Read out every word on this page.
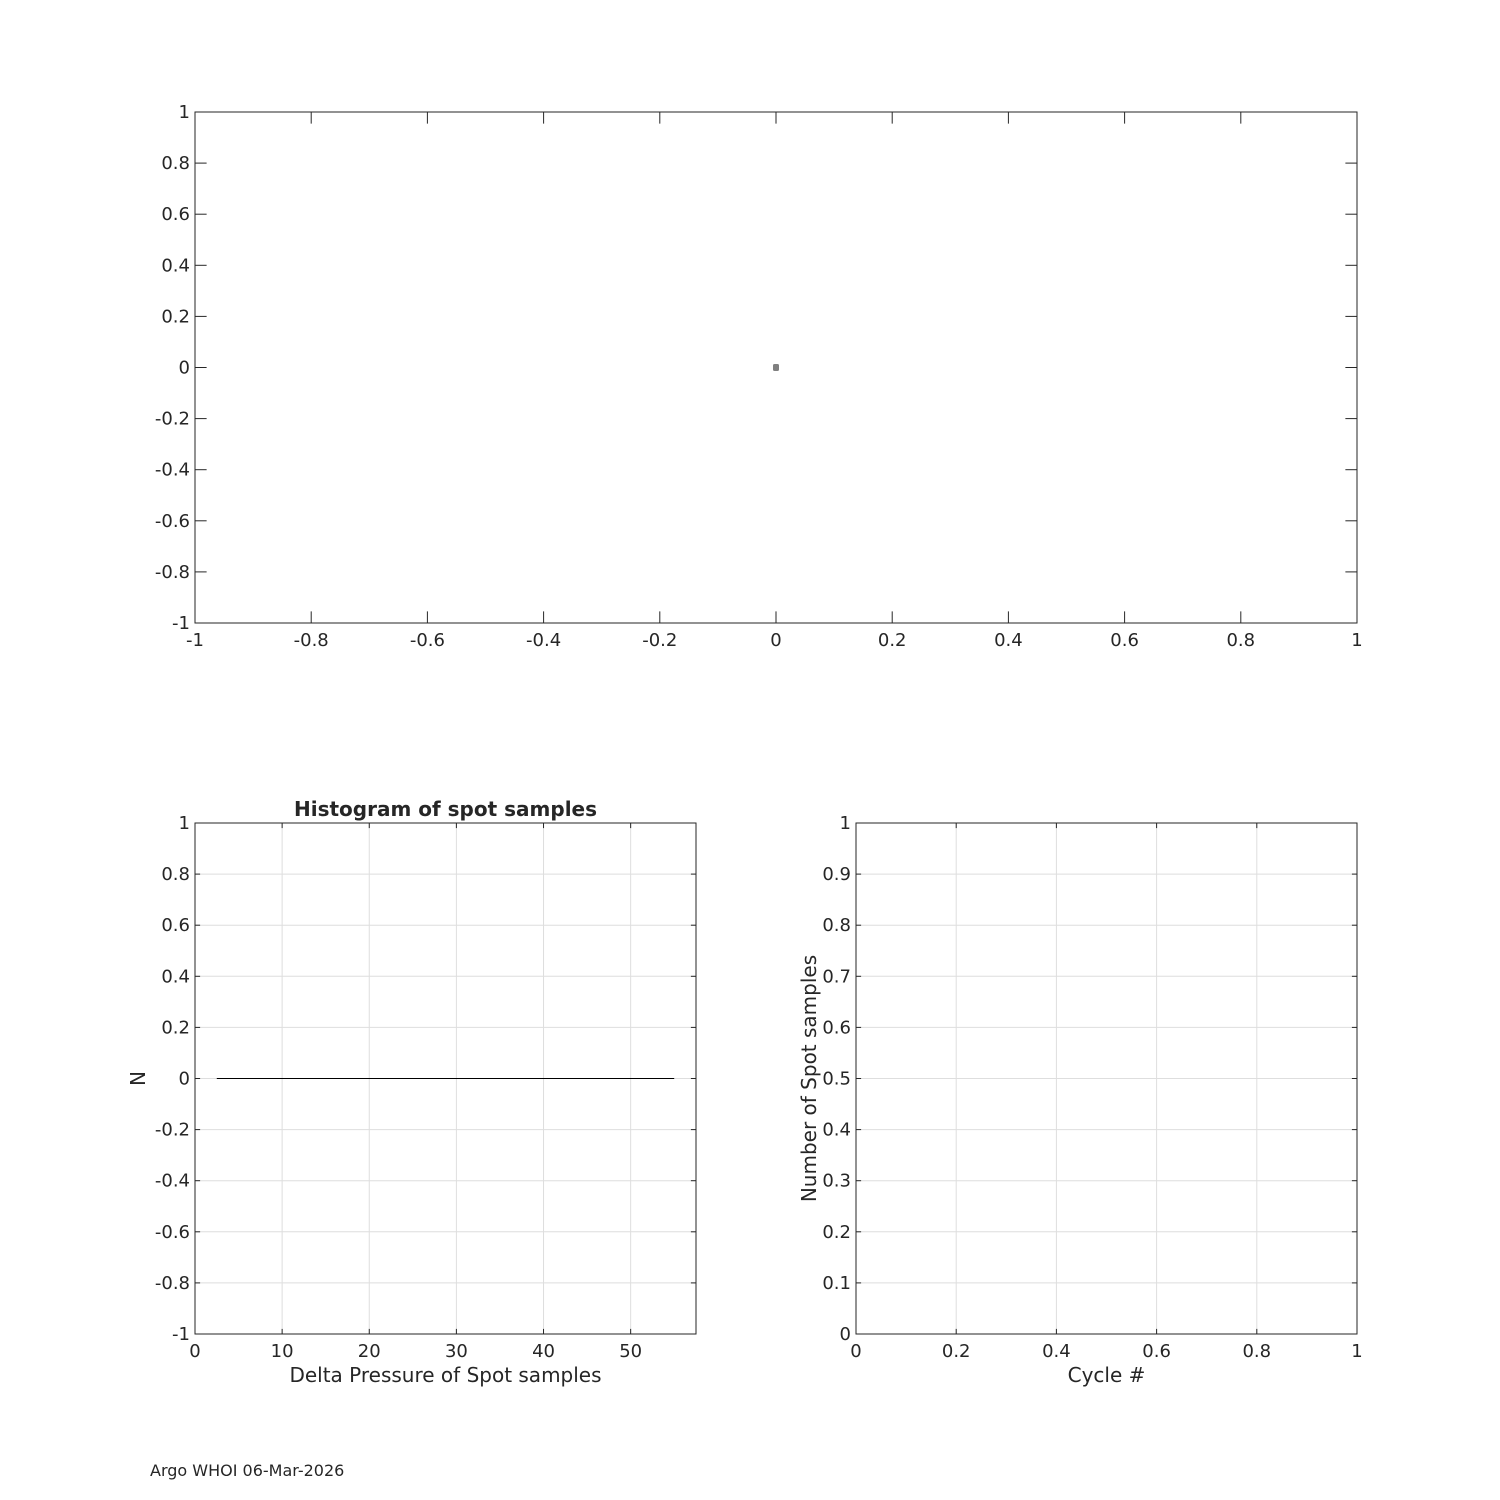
-1	-0.8	-0.6	-0.4	-0.2	0	0.2	0.4	0.6	0.8	1
-1
-0.8
-0.6
-0.4
-0.2
0
0.2
0.4
0.6
0.8
1
0	10	20	30	40	50
-1
-0.8
-0.6
-0.4
-0.2
0
0.2
0.4
0.6
0.8
1
Delta Pressure of Spot samples
N
Histogram of spot samples
0	0.2	0.4	0.6	0.8	1
0
0.1
0.2
0.3
0.4
0.5
0.6
0.7
0.8
0.9
1
Cycle #
Number of Spot samples
Argo WHOI 06-Mar-2026
